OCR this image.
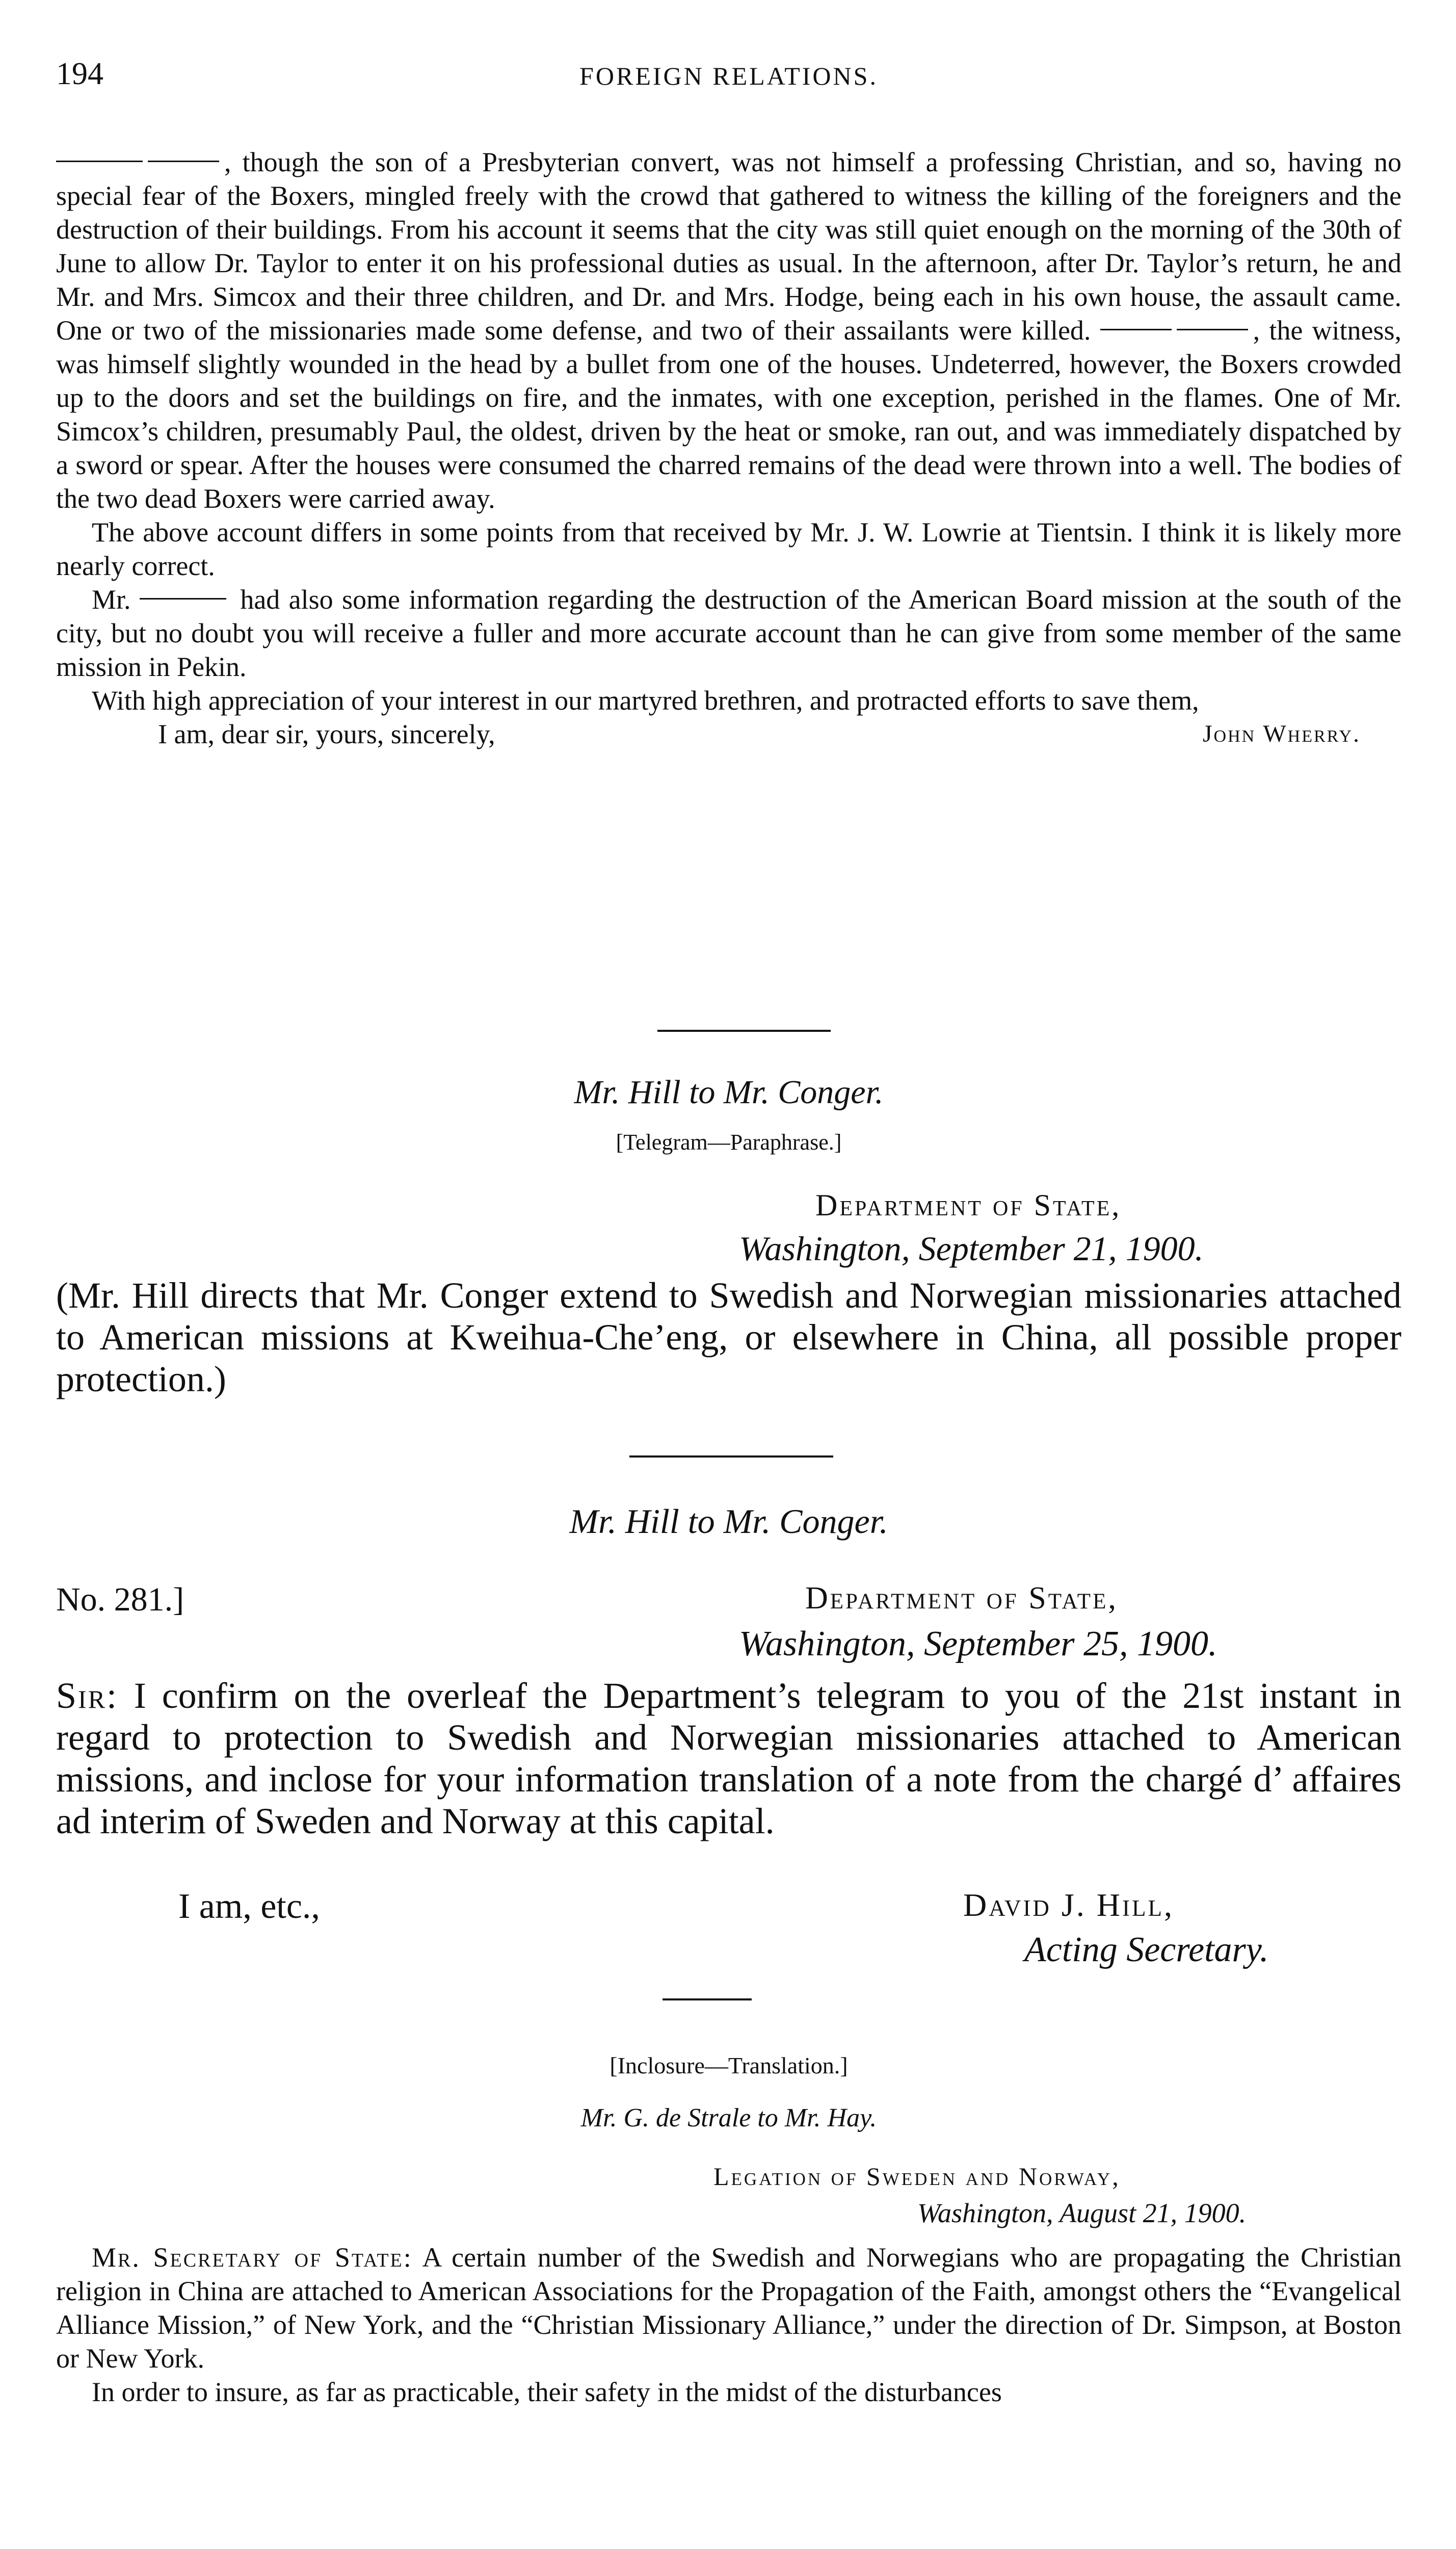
194	FOREIGN RELATIONS.

, though the son of a Presbyterian convert, was not himself a professing Christian, and so, having no special fear of the Boxers, mingled freely with the crowd that gathered to witness the killing of the foreigners and the destruction of their buildings. From his account it seems that the city was still quiet enough on the morning of the 30th of June to allow Dr. Taylor to enter it on his professional duties as usual. In the afternoon, after Dr. Taylor’s return, he and Mr. and Mrs. Simcox and their three children, and Dr. and Mrs. Hodge, being each in his own house, the assault came. One or two of the missionaries made some defense, and two of their assailants were killed.	, the witness, was himself slightly wounded in the head by a bullet from one of the houses. Undeterred, however, the Boxers crowded up to the doors and set the buildings on fire, and the inmates, with one exception, perished in the flames. One of Mr. Simcox’s children, presumably Paul, the oldest, driven by the heat or smoke, ran out, and was immediately dispatched by a sword or spear. After the houses were consumed the charred remains of the dead were thrown into a well. The bodies of the two dead Boxers were carried away.

The above account differs in some points from that received by Mr. J. W. Lowrie at Tientsin. I think it is likely more nearly correct.

Mr.	had also some information regarding the destruction of the American Board mission at the south of the city, but no doubt you will receive a fuller and more accurate account than he can give from some member of the same mission in Pekin.

With high appreciation of your interest in our martyred brethren, and protracted efforts to save them,

I am, dear sir, yours, sincerely,	John Wherry.
Mr. Hill to Mr. Conger.
[Telegram—Paraphrase.]
Department of State,
Washington, September 21, 1900.
(Mr. Hill directs that Mr. Conger extend to Swedish and Norwegian missionaries attached to American missions at Kweihua-Che’eng, or elsewhere in China, all possible proper protection.)
Mr. Hill to Mr. Conger.
No. 281.]	Department of State,
Washington, September 25, 1900.
Sir: I confirm on the overleaf the Department’s telegram to you of the 21st instant in regard to protection to Swedish and Norwegian missionaries attached to American missions, and inclose for your information translation of a note from the chargé d’ affaires ad interim of Sweden and Norway at this capital.
I am, etc.,	David J. Hill,
Acting Secretary.
[Inclosure—Translation.]
Mr. G. de Strale to Mr. Hay.
Legation of Sweden and Norway,
Washington, August 21, 1900.

Mr. Secretary of State: A certain number of the Swedish and Norwegians who are propagating the Christian religion in China are attached to American Associations for the Propagation of the Faith, amongst others the “Evangelical Alliance Mission,” of New York, and the “Christian Missionary Alliance,” under the direction of Dr. Simpson, at Boston or New York.

In order to insure, as far as practicable, their safety in the midst of the disturbances
